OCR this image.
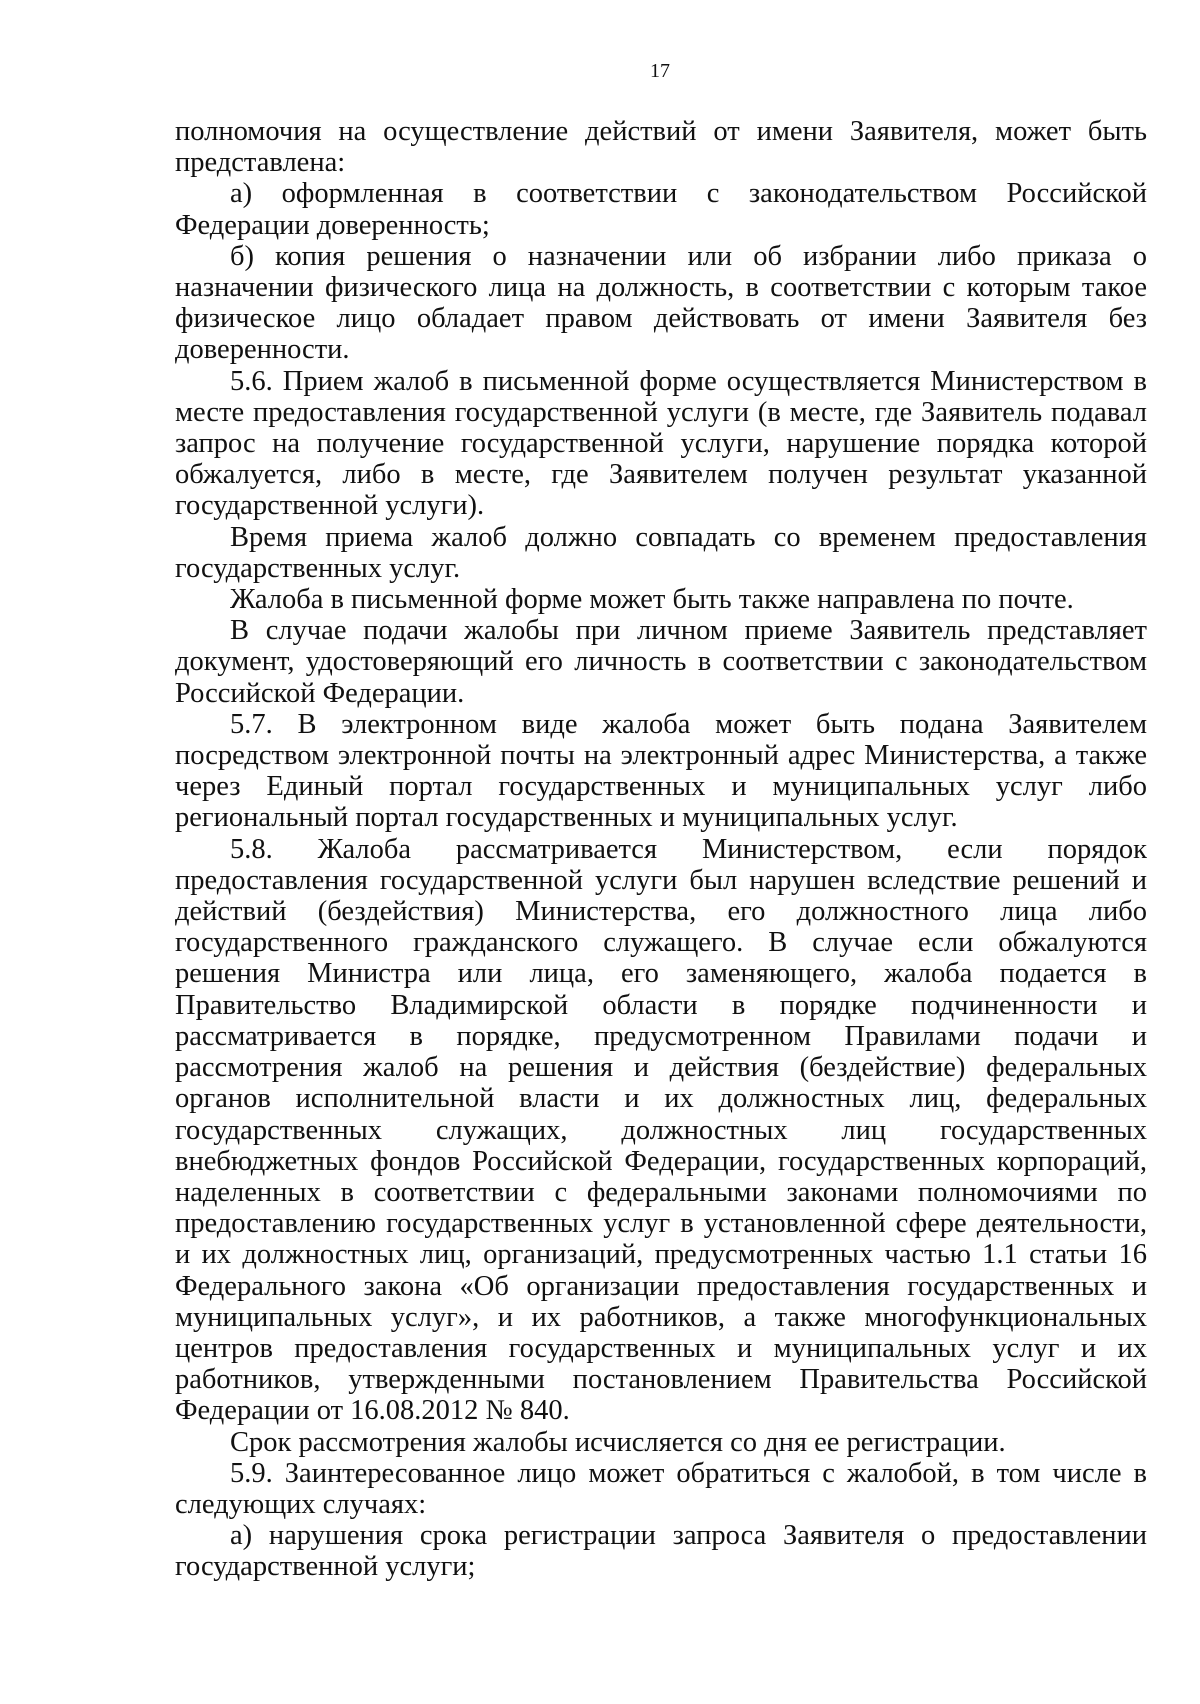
17

полномочия на осуществление действий от имени Заявителя, может быть представлена:

а) оформленная в соответствии с законодательством Российской Федерации доверенность;

б) копия решения о назначении или об избрании либо приказа о назначении физического лица на должность, в соответствии с которым такое физическое лицо обладает правом действовать от имени Заявителя без доверенности.

5.6. Прием жалоб в письменной форме осуществляется Министерством в месте предоставления государственной услуги (в месте, где Заявитель подавал запрос на получение государственной услуги, нарушение порядка которой обжалуется, либо в месте, где Заявителем получен результат указанной государственной услуги).

Время приема жалоб должно совпадать со временем предоставления государственных услуг.

Жалоба в письменной форме может быть также направлена по почте.

В случае подачи жалобы при личном приеме Заявитель представляет документ, удостоверяющий его личность в соответствии с законодательством Российской Федерации.

5.7. В электронном виде жалоба может быть подана Заявителем посредством электронной почты на электронный адрес Министерства, а также через Единый портал государственных и муниципальных услуг либо региональный портал государственных и муниципальных услуг.

5.8. Жалоба рассматривается Министерством, если порядок предоставления государственной услуги был нарушен вследствие решений и действий (бездействия) Министерства, его должностного лица либо государственного гражданского служащего. В случае если обжалуются решения Министра или лица, его заменяющего, жалоба подается в Правительство Владимирской области в порядке подчиненности и рассматривается в порядке, предусмотренном Правилами подачи и рассмотрения жалоб на решения и действия (бездействие) федеральных органов исполнительной власти и их должностных лиц, федеральных государственных служащих, должностных лиц государственных внебюджетных фондов Российской Федерации, государственных корпораций, наделенных в соответствии с федеральными законами полномочиями по предоставлению государственных услуг в установленной сфере деятельности, и их должностных лиц, организаций, предусмотренных частью 1.1 статьи 16 Федерального закона «Об организации предоставления государственных и муниципальных услуг», и их работников, а также многофункциональных центров предоставления государственных и муниципальных услуг и их работников, утвержденными постановлением Правительства Российской Федерации от 16.08.2012 № 840.

Срок рассмотрения жалобы исчисляется со дня ее регистрации.

5.9. Заинтересованное лицо может обратиться с жалобой, в том числе в следующих случаях:

а) нарушения срока регистрации запроса Заявителя о предоставлении государственной услуги;
